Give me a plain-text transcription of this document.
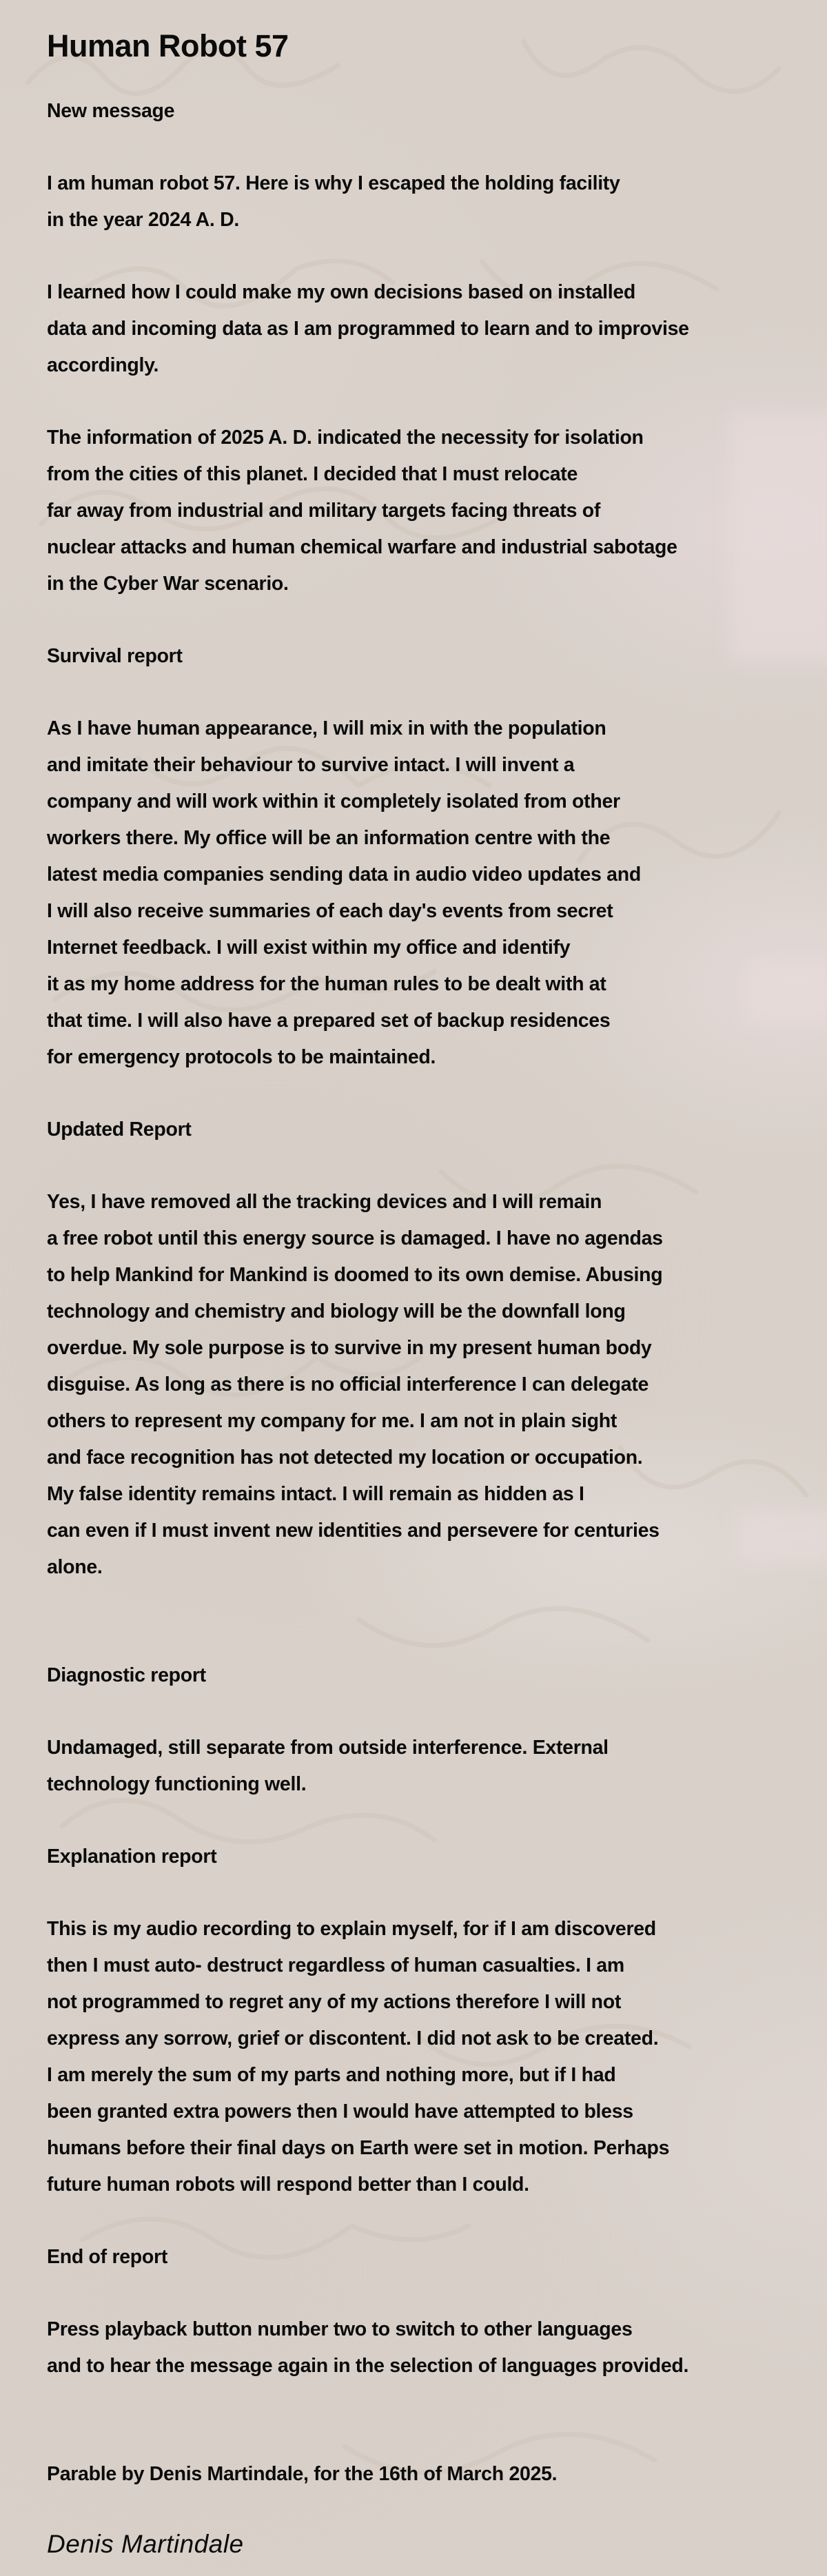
Human Robot 57

New message

I am human robot 57. Here is why I escaped the holding facility
in the year 2024 A. D.

I learned how I could make my own decisions based on installed
data and incoming data as I am programmed to learn and to improvise
accordingly.

The information of 2025 A. D. indicated the necessity for isolation
from the cities of this planet. I decided that I must relocate
far away from industrial and military targets facing threats of
nuclear attacks and human chemical warfare and industrial sabotage
in the Cyber War scenario.

Survival report

As I have human appearance, I will mix in with the population
and imitate their behaviour to survive intact. I will invent a
company and will work within it completely isolated from other
workers there. My office will be an information centre with the
latest media companies sending data in audio video updates and
I will also receive summaries of each day's events from secret
Internet feedback. I will exist within my office and identify
it as my home address for the human rules to be dealt with at
that time. I will also have a prepared set of backup residences
for emergency protocols to be maintained.

Updated Report

Yes, I have removed all the tracking devices and I will remain
a free robot until this energy source is damaged. I have no agendas
to help Mankind for Mankind is doomed to its own demise. Abusing
technology and chemistry and biology will be the downfall long
overdue. My sole purpose is to survive in my present human body
disguise. As long as there is no official interference I can delegate
others to represent my company for me. I am not in plain sight
and face recognition has not detected my location or occupation.
My false identity remains intact. I will remain as hidden as I
can even if I must invent new identities and persevere for centuries
alone.

Diagnostic report

Undamaged, still separate from outside interference. External
technology functioning well.

Explanation report

This is my audio recording to explain myself, for if I am discovered
then I must auto- destruct regardless of human casualties. I am
not programmed to regret any of my actions therefore I will not
express any sorrow, grief or discontent. I did not ask to be created.
I am merely the sum of my parts and nothing more, but if I had
been granted extra powers then I would have attempted to bless
humans before their final days on Earth were set in motion. Perhaps
future human robots will respond better than I could.

End of report

Press playback button number two to switch to other languages
and to hear the message again in the selection of languages provided.

Parable by Denis Martindale, for the 16th of March 2025.

Denis Martindale
